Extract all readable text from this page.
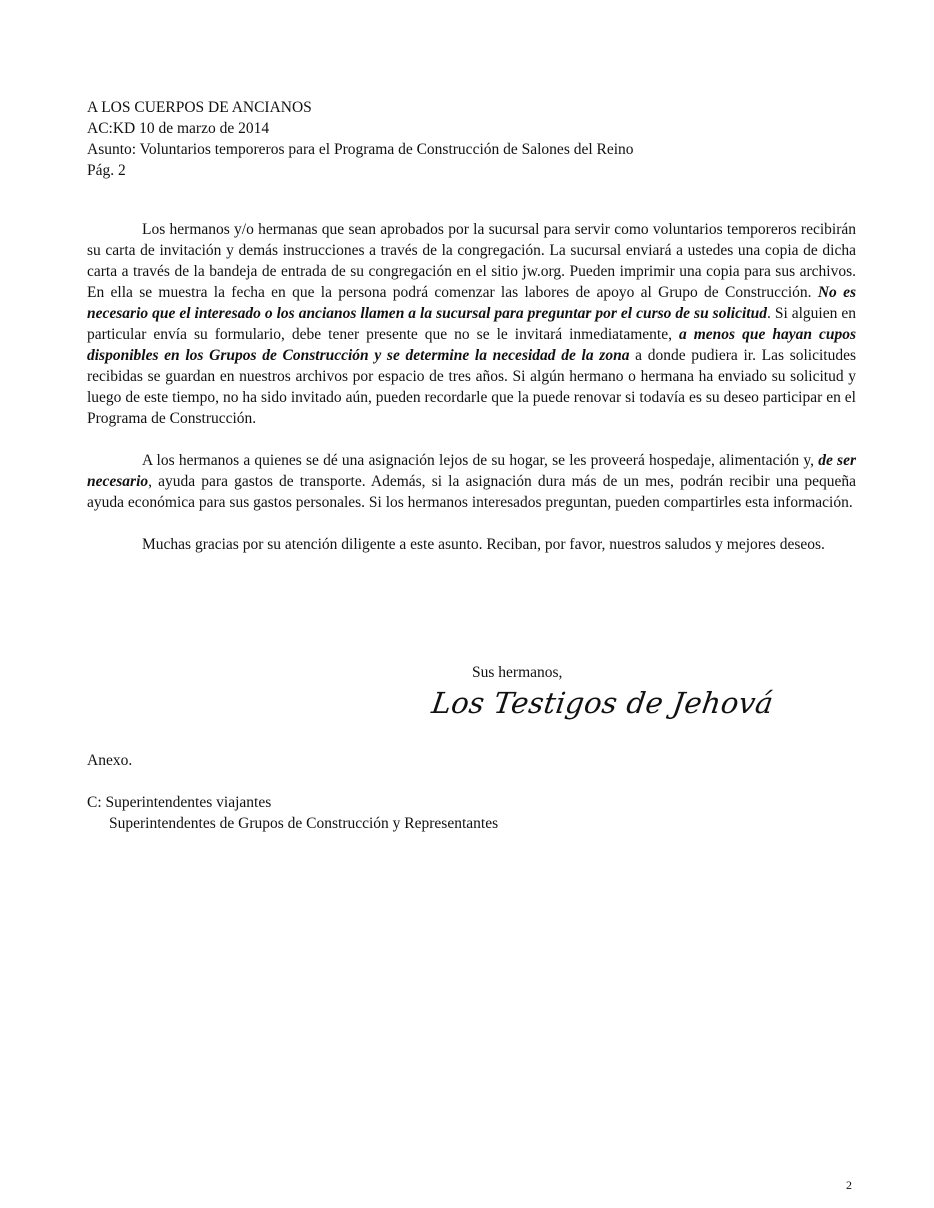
A LOS CUERPOS DE ANCIANOS
AC:KD 10 de marzo de 2014
Asunto: Voluntarios temporeros para el Programa de Construcción de Salones del Reino
Pág. 2

Los hermanos y/o hermanas que sean aprobados por la sucursal para servir como voluntarios temporeros recibirán su carta de invitación y demás instrucciones a través de la congregación. La sucursal enviará a ustedes una copia de dicha carta a través de la bandeja de entrada de su congregación en el sitio jw.org. Pueden imprimir una copia para sus archivos. En ella se muestra la fecha en que la persona podrá comenzar las labores de apoyo al Grupo de Construcción. No es necesario que el interesado o los ancianos llamen a la sucursal para preguntar por el curso de su solicitud. Si alguien en particular envía su formulario, debe tener presente que no se le invitará inmediatamente, a menos que hayan cupos disponibles en los Grupos de Construcción y se determine la necesidad de la zona a donde pudiera ir. Las solicitudes recibidas se guardan en nuestros archivos por espacio de tres años. Si algún hermano o hermana ha enviado su solicitud y luego de este tiempo, no ha sido invitado aún, pueden recordarle que la puede renovar si todavía es su deseo participar en el Programa de Construcción.

A los hermanos a quienes se dé una asignación lejos de su hogar, se les proveerá hospedaje, alimentación y, de ser necesario, ayuda para gastos de transporte. Además, si la asignación dura más de un mes, podrán recibir una pequeña ayuda económica para sus gastos personales. Si los hermanos interesados preguntan, pueden compartirles esta información.

Muchas gracias por su atención diligente a este asunto. Reciban, por favor, nuestros saludos y mejores deseos.

Sus hermanos,
Los Testigos de Jehová
Anexo.
C: Superintendentes viajantes
Superintendentes de Grupos de Construcción y Representantes
2
